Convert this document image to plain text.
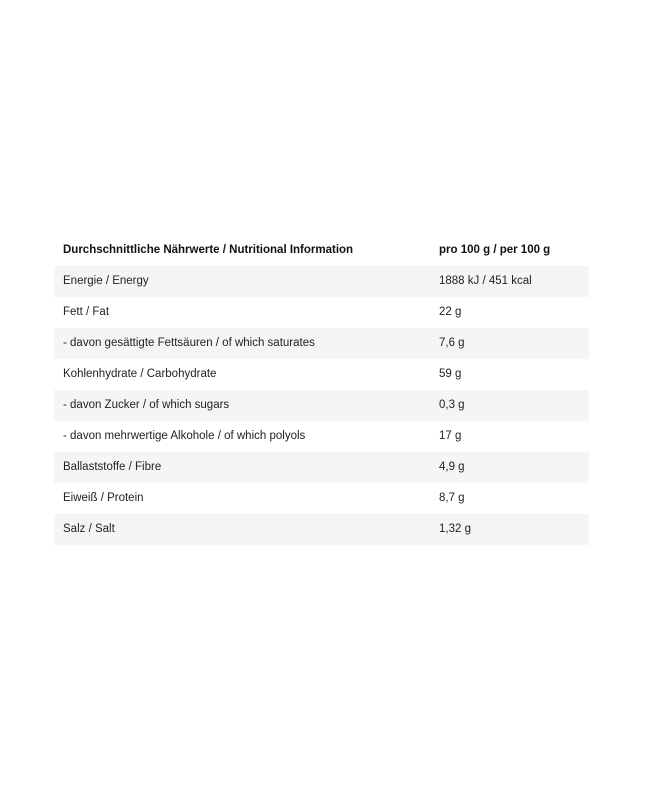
Durchschnittliche Nährwerte / Nutritional Information	pro 100 g / per 100 g
Energie / Energy	1888 kJ / 451 kcal
Fett / Fat	22 g
- davon gesättigte Fettsäuren / of which saturates	7,6 g
Kohlenhydrate / Carbohydrate	59 g
- davon Zucker / of which sugars	0,3 g
- davon mehrwertige Alkohole / of which polyols	17 g
Ballaststoffe / Fibre	4,9 g
Eiweiß / Protein	8,7 g
Salz / Salt	1,32 g
